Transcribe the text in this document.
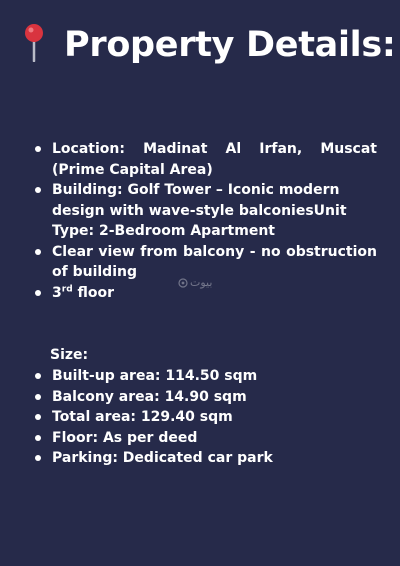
Property Details:
Location: Madinat Al Irfan, Muscat (Prime Capital Area)
Building: Golf Tower – Iconic modern design with wave-style balconiesUnit Type: 2-Bedroom Apartment
Clear view from balcony - no obstruction of building
3rd floor
بيوت
Size:
Built-up area: 114.50 sqm
Balcony area: 14.90 sqm
Total area: 129.40 sqm
Floor: As per deed
Parking: Dedicated car park
